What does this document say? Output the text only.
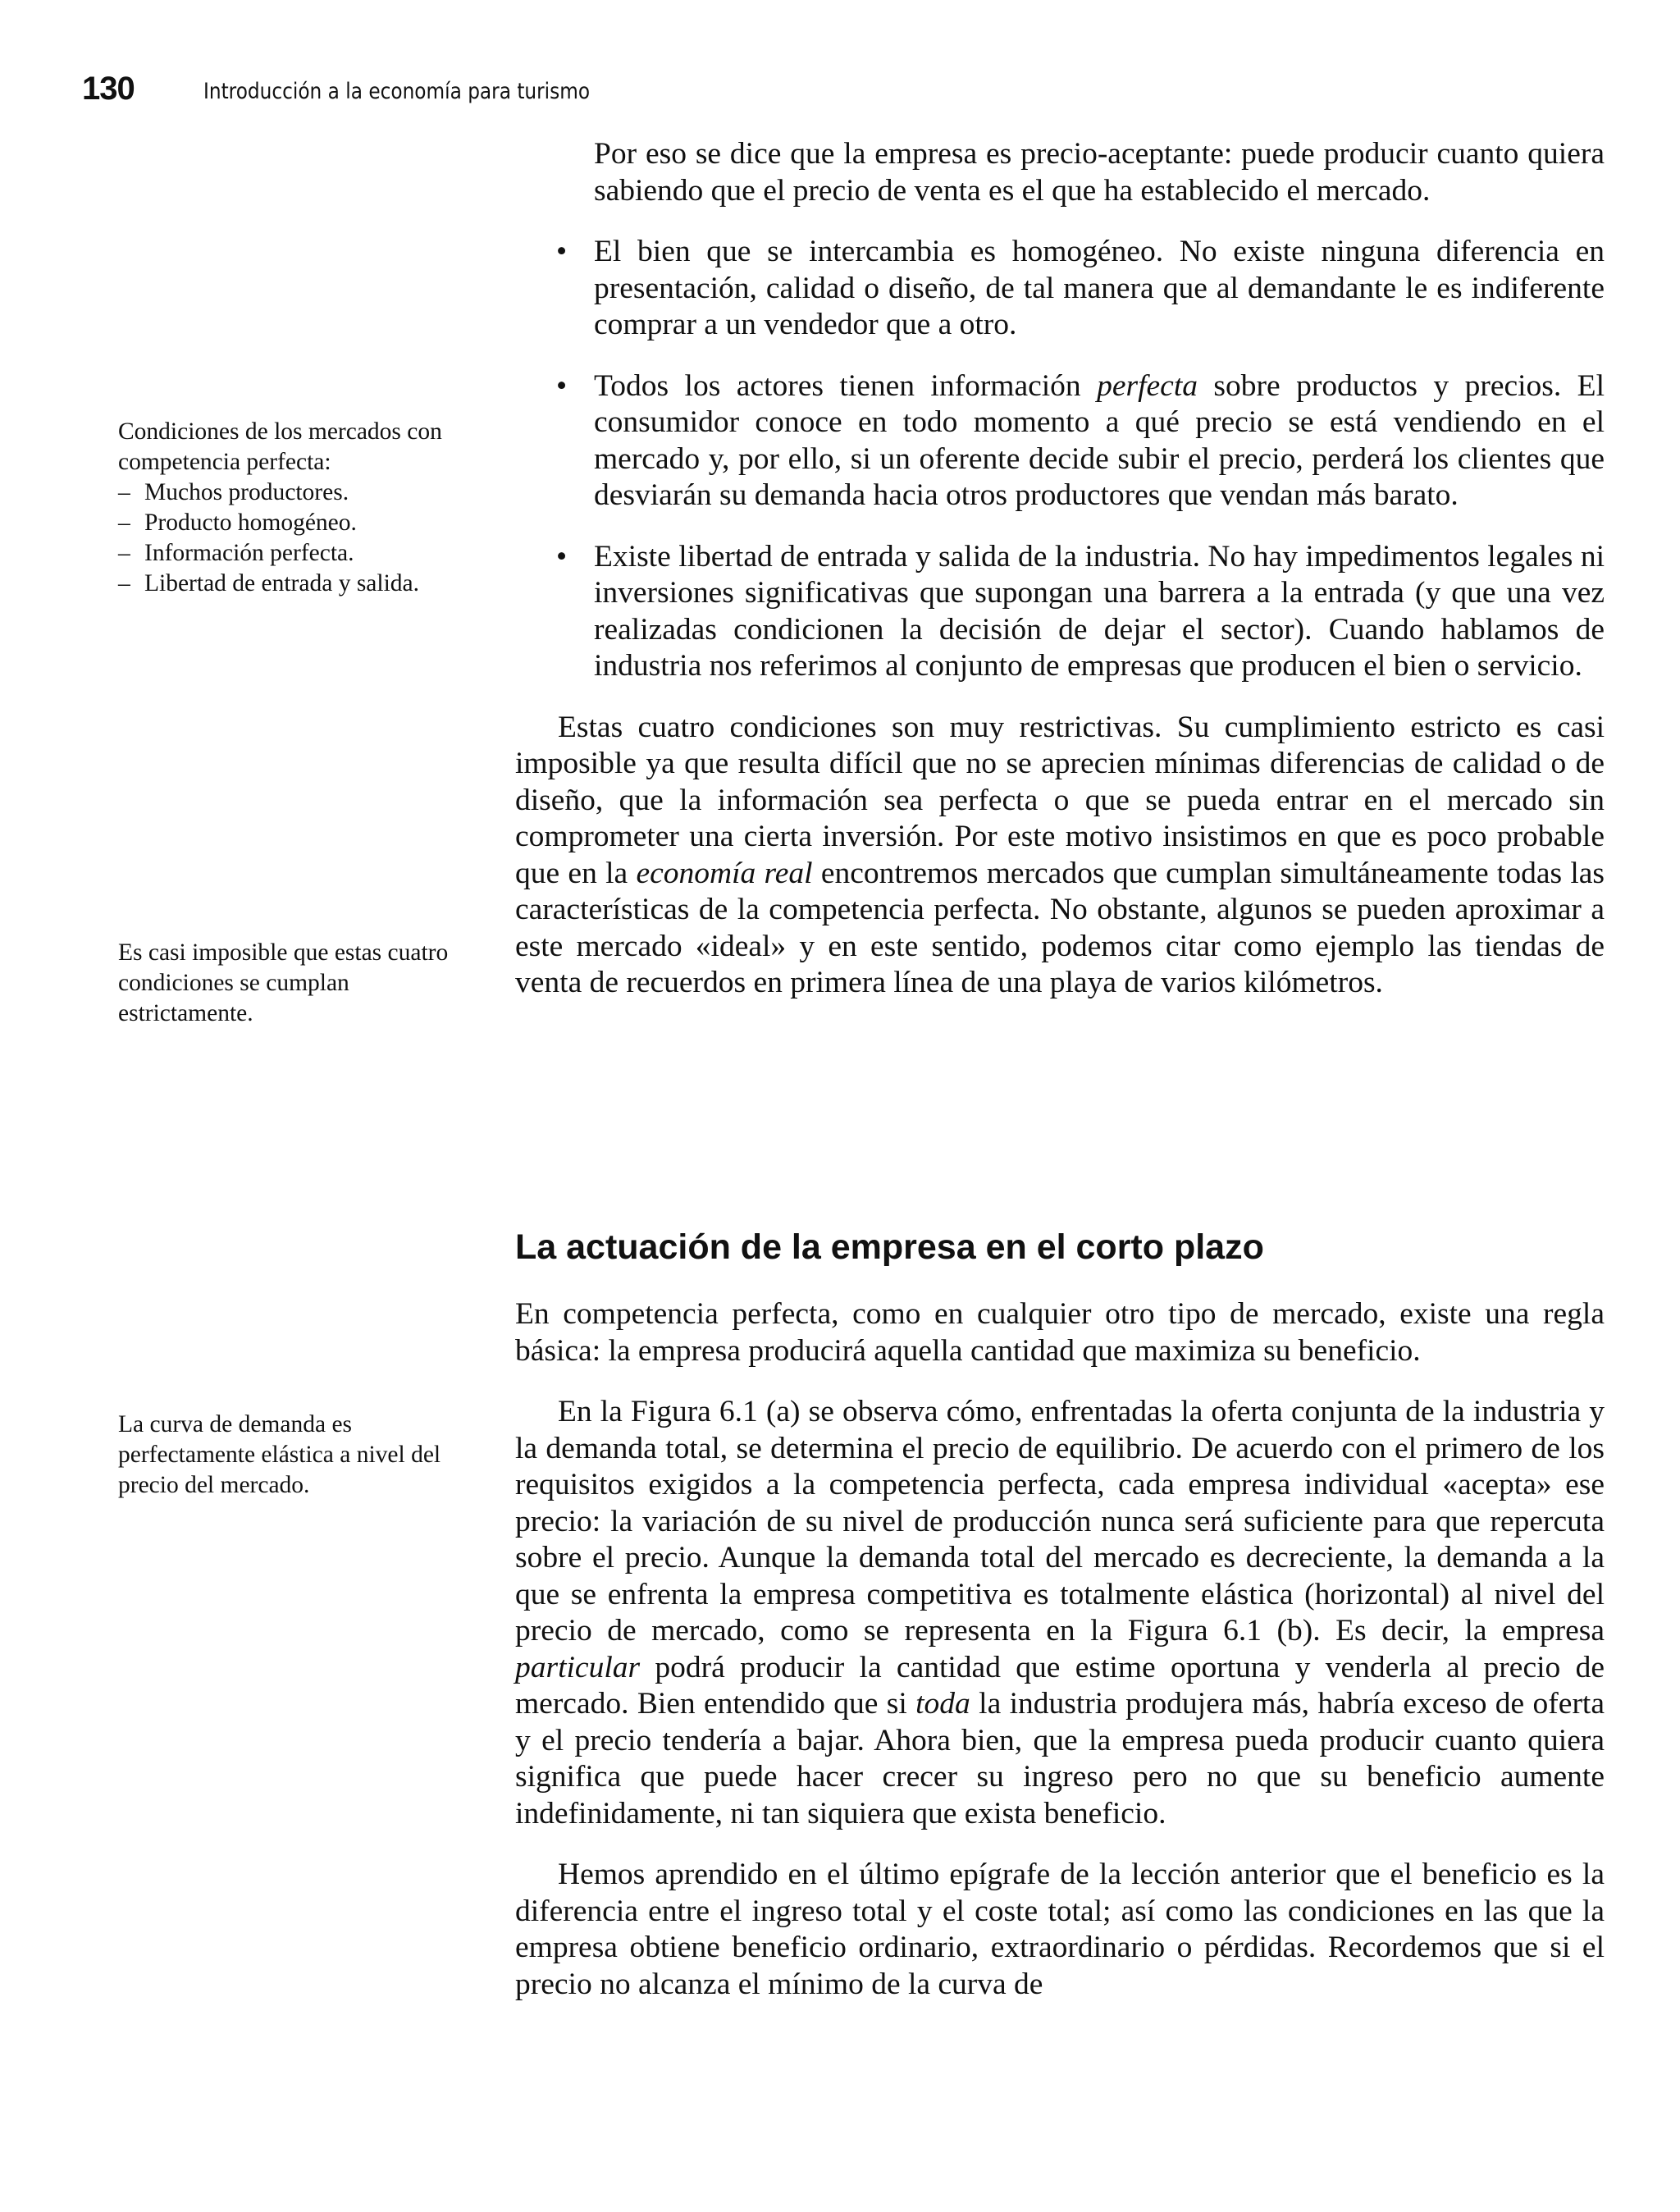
130	Introducción a la economía para turismo

Condiciones de los mercados con competencia perfecta:

– Muchos productores.
– Producto homogéneo.
– Información perfecta.
– Libertad de entrada y salida.

Es casi imposible que estas cuatro condiciones se cumplan estrictamente.

La curva de demanda es perfectamente elástica a nivel del precio del mercado.

Por eso se dice que la empresa es precio-aceptante: puede producir cuanto quiera sabiendo que el precio de venta es el que ha establecido el mercado.

• El bien que se intercambia es homogéneo. No existe ninguna diferencia en presentación, calidad o diseño, de tal manera que al demandante le es indiferente comprar a un vendedor que a otro.

• Todos los actores tienen información perfecta sobre productos y precios. El consumidor conoce en todo momento a qué precio se está vendiendo en el mercado y, por ello, si un oferente decide subir el precio, perderá los clientes que desviarán su demanda hacia otros productores que vendan más barato.

• Existe libertad de entrada y salida de la industria. No hay impedimentos legales ni inversiones significativas que supongan una barrera a la entrada (y que una vez realizadas condicionen la decisión de dejar el sector). Cuando hablamos de industria nos referimos al conjunto de empresas que producen el bien o servicio.

Estas cuatro condiciones son muy restrictivas. Su cumplimiento estricto es casi imposible ya que resulta difícil que no se aprecien mínimas diferencias de calidad o de diseño, que la información sea perfecta o que se pueda entrar en el mercado sin comprometer una cierta inversión. Por este motivo insistimos en que es poco probable que en la economía real encontremos mercados que cumplan simultáneamente todas las características de la competencia perfecta. No obstante, algunos se pueden aproximar a este mercado «ideal» y en este sentido, podemos citar como ejemplo las tiendas de venta de recuerdos en primera línea de una playa de varios kilómetros.

La actuación de la empresa en el corto plazo

En competencia perfecta, como en cualquier otro tipo de mercado, existe una regla básica: la empresa producirá aquella cantidad que maximiza su beneficio.

En la Figura 6.1 (a) se observa cómo, enfrentadas la oferta conjunta de la industria y la demanda total, se determina el precio de equilibrio. De acuerdo con el primero de los requisitos exigidos a la competencia perfecta, cada empresa individual «acepta» ese precio: la variación de su nivel de producción nunca será suficiente para que repercuta sobre el precio. Aunque la demanda total del mercado es decreciente, la demanda a la que se enfrenta la empresa competitiva es totalmente elástica (horizontal) al nivel del precio de mercado, como se representa en la Figura 6.1 (b). Es decir, la empresa particular podrá producir la cantidad que estime oportuna y venderla al precio de mercado. Bien entendido que si toda la industria produjera más, habría exceso de oferta y el precio tendería a bajar. Ahora bien, que la empresa pueda producir cuanto quiera significa que puede hacer crecer su ingreso pero no que su beneficio aumente indefinidamente, ni tan siquiera que exista beneficio.

Hemos aprendido en el último epígrafe de la lección anterior que el beneficio es la diferencia entre el ingreso total y el coste total; así como las condiciones en las que la empresa obtiene beneficio ordinario, extraordinario o pérdidas. Recordemos que si el precio no alcanza el mínimo de la curva de
